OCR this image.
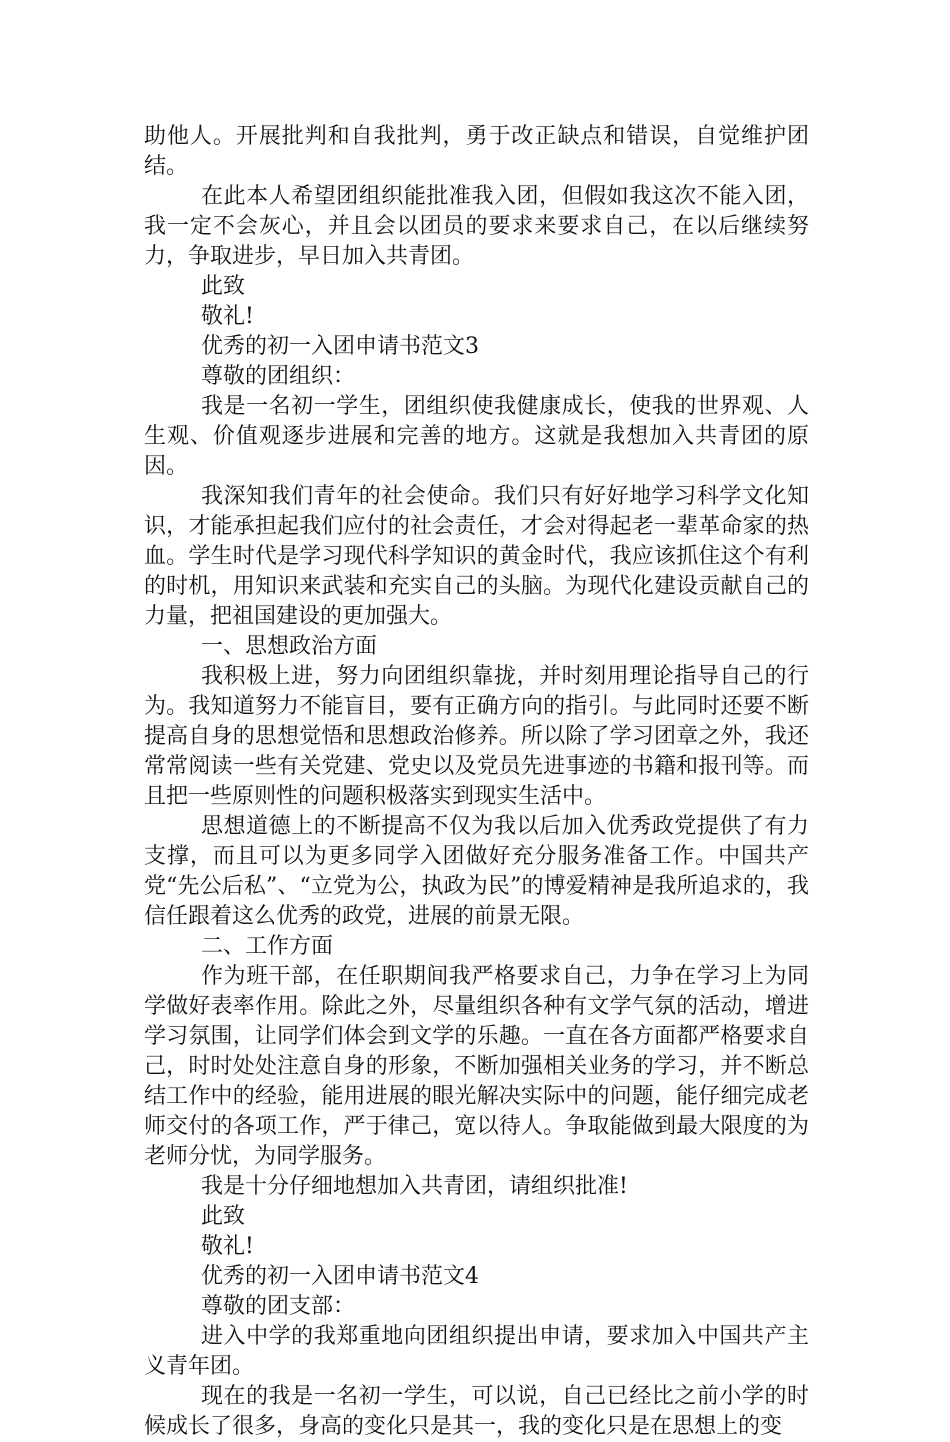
助他人。开展批判和自我批判，勇于改正缺点和错误，自觉维护团结。

在此本人希望团组织能批准我入团，但假如我这次不能入团，我一定不会灰心，并且会以团员的要求来要求自己，在以后继续努力，争取进步，早日加入共青团。

此致

敬礼!

优秀的初一入团申请书范文3

尊敬的团组织：

我是一名初一学生，团组织使我健康成长，使我的世界观、人生观、价值观逐步进展和完善的地方。这就是我想加入共青团的原因。

我深知我们青年的社会使命。我们只有好好地学习科学文化知识，才能承担起我们应付的社会责任，才会对得起老一辈革命家的热血。学生时代是学习现代科学知识的黄金时代，我应该抓住这个有利的时机，用知识来武装和充实自己的头脑。为现代化建设贡献自己的力量，把祖国建设的更加强大。

一、思想政治方面

我积极上进，努力向团组织靠拢，并时刻用理论指导自己的行为。我知道努力不能盲目，要有正确方向的指引。与此同时还要不断提高自身的思想觉悟和思想政治修养。所以除了学习团章之外，我还常常阅读一些有关党建、党史以及党员先进事迹的书籍和报刊等。而且把一些原则性的问题积极落实到现实生活中。

思想道德上的不断提高不仅为我以后加入优秀政党提供了有力支撑，而且可以为更多同学入团做好充分服务准备工作。中国共产党“先公后私”、“立党为公，执政为民”的博爱精神是我所追求的，我信任跟着这么优秀的政党，进展的前景无限。

二、工作方面

作为班干部，在任职期间我严格要求自己，力争在学习上为同学做好表率作用。除此之外，尽量组织各种有文学气氛的活动，增进学习氛围，让同学们体会到文学的乐趣。一直在各方面都严格要求自己，时时处处注意自身的形象，不断加强相关业务的学习，并不断总结工作中的经验，能用进展的眼光解决实际中的问题，能仔细完成老师交付的各项工作，严于律己，宽以待人。争取能做到最大限度的为老师分忧，为同学服务。

我是十分仔细地想加入共青团，请组织批准!

此致

敬礼!

优秀的初一入团申请书范文4

尊敬的团支部：

进入中学的我郑重地向团组织提出申请，要求加入中国共产主义青年团。

现在的我是一名初一学生，可以说，自己已经比之前小学的时候成长了很多，身高的变化只是其一，我的变化只是在思想上的变
